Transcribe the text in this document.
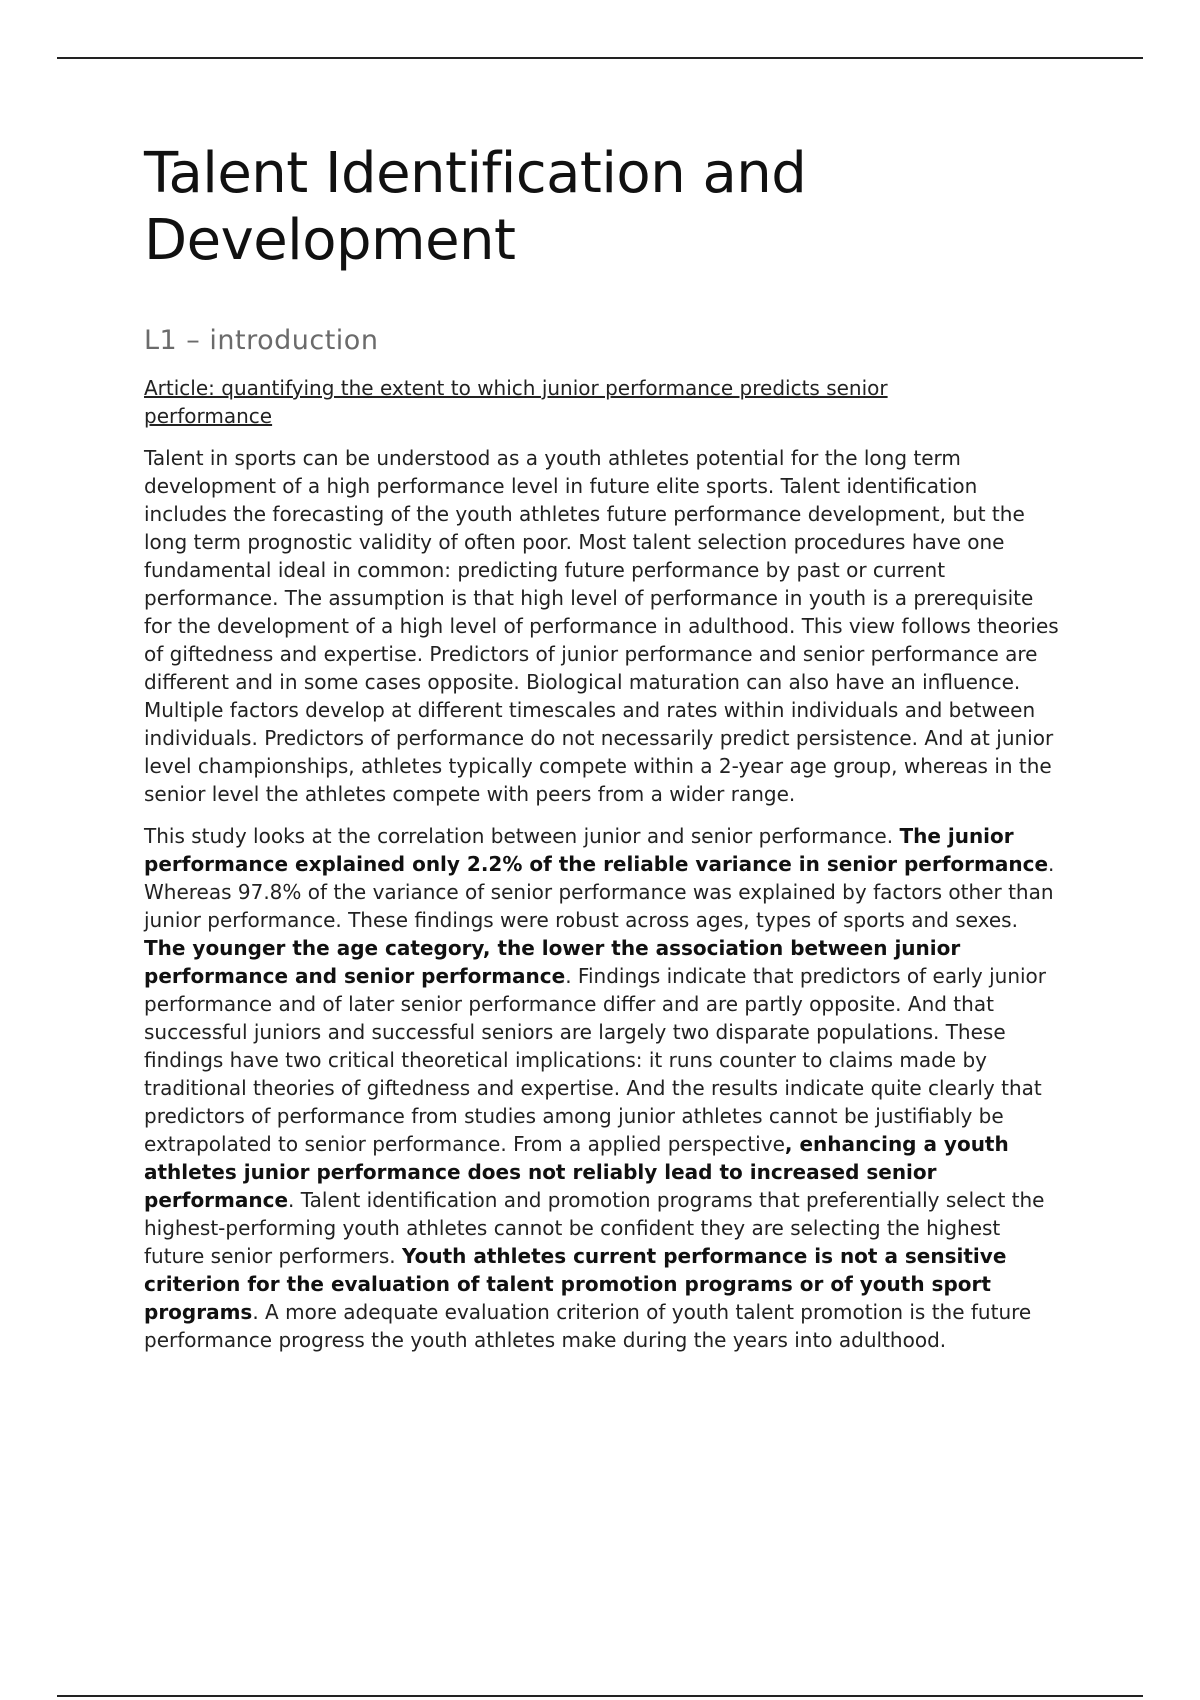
Talent Identification and Development
L1 – introduction
Article: quantifying the extent to which junior performance predicts senior performance

Talent in sports can be understood as a youth athletes potential for the long term development of a high performance level in future elite sports. Talent identification includes the forecasting of the youth athletes future performance development, but the long term prognostic validity of often poor. Most talent selection procedures have one fundamental ideal in common: predicting future performance by past or current performance. The assumption is that high level of performance in youth is a prerequisite for the development of a high level of performance in adulthood. This view follows theories of giftedness and expertise. Predictors of junior performance and senior performance are different and in some cases opposite. Biological maturation can also have an influence. Multiple factors develop at different timescales and rates within individuals and between individuals. Predictors of performance do not necessarily predict persistence. And at junior level championships, athletes typically compete within a 2-year age group, whereas in the senior level the athletes compete with peers from a wider range.

This study looks at the correlation between junior and senior performance. The junior performance explained only 2.2% of the reliable variance in senior performance. Whereas 97.8% of the variance of senior performance was explained by factors other than junior performance. These findings were robust across ages, types of sports and sexes. The younger the age category, the lower the association between junior performance and senior performance. Findings indicate that predictors of early junior performance and of later senior performance differ and are partly opposite. And that successful juniors and successful seniors are largely two disparate populations. These findings have two critical theoretical implications: it runs counter to claims made by traditional theories of giftedness and expertise. And the results indicate quite clearly that predictors of performance from studies among junior athletes cannot be justifiably be extrapolated to senior performance. From a applied perspective, enhancing a youth athletes junior performance does not reliably lead to increased senior performance. Talent identification and promotion programs that preferentially select the highest-performing youth athletes cannot be confident they are selecting the highest future senior performers. Youth athletes current performance is not a sensitive criterion for the evaluation of talent promotion programs or of youth sport programs. A more adequate evaluation criterion of youth talent promotion is the future performance progress the youth athletes make during the years into adulthood.
